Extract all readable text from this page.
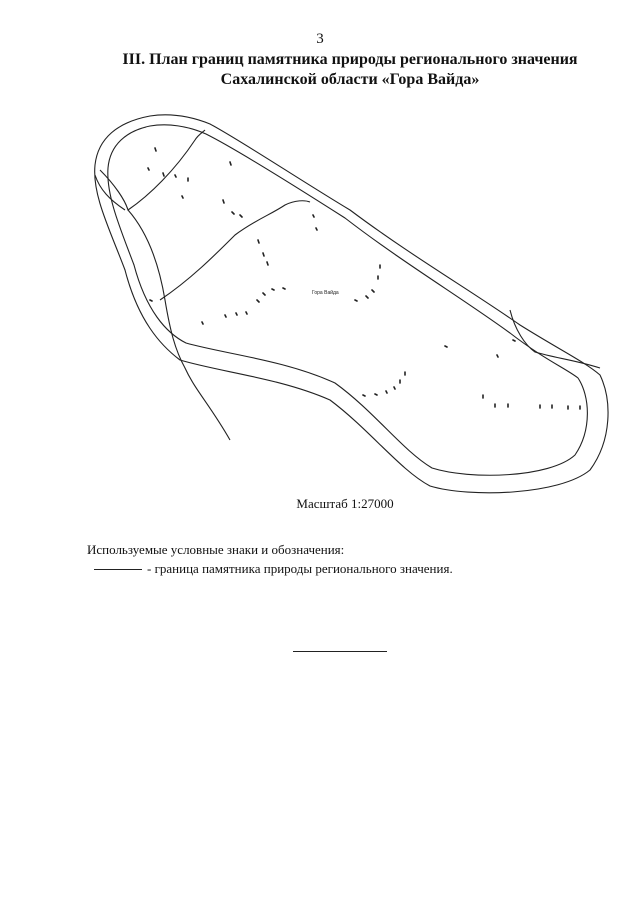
3
III. План границ памятника природы регионального значения
Сахалинской области «Гора Вайда»
Гора Вайда
Масштаб 1:27000
Используемые условные знаки и обозначения:
- граница памятника природы регионального значения.
